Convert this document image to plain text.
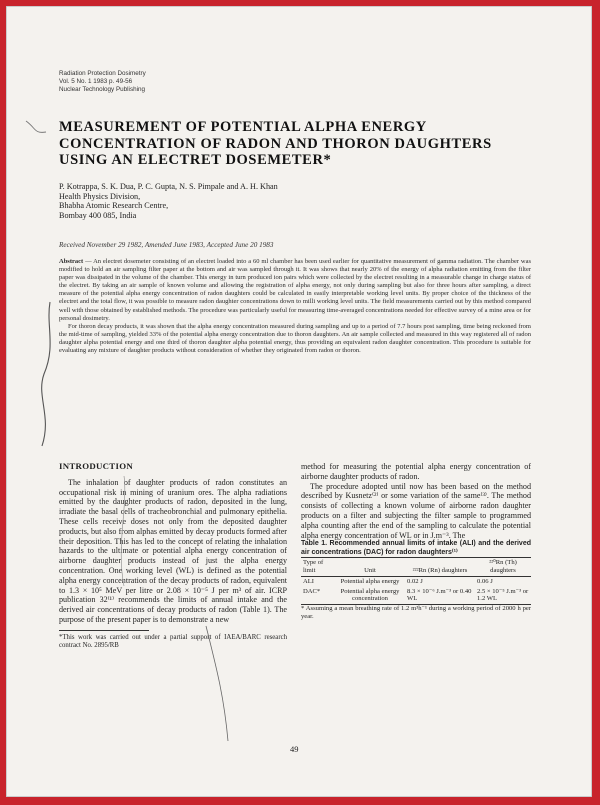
Radiation Protection Dosimetry
Vol. 5 No. 1 1983 p. 49-56
Nuclear Technology Publishing
MEASUREMENT OF POTENTIAL ALPHA ENERGY CONCENTRATION OF RADON AND THORON DAUGHTERS USING AN ELECTRET DOSEMETER*
P. Kotrappa, S. K. Dua, P. C. Gupta, N. S. Pimpale and A. H. Khan
Health Physics Division,
Bhabha Atomic Research Centre,
Bombay 400 085, India
Received November 29 1982, Amended June 1983, Accepted June 20 1983

Abstract — An electret dosemeter consisting of an electret loaded into a 60 ml chamber has been used earlier for quantitative measurement of gamma radiation. The chamber was modified to hold an air sampling filter paper at the bottom and air was sampled through it. It was shows that nearly 20% of the energy of alpha radiation emitting from the filter paper was dissipated in the volume of the chamber. This energy in turn produced ion pairs which were collected by the electret resulting in a measurable change in charge status of the electret. By taking an air sample of known volume and allowing the registration of alpha energy, not only during sampling but also for three hours after sampling, a direct measure of the potential alpha energy concentration of radon daughters could be calculated in easily interpretable working level units. By proper choice of the thickness of the electret and the total flow, it was possible to measure radon daughter concentrations down to milli working level units. The field measurements carried out by this method compared well with those obtained by established methods. The procedure was particularly useful for measuring time-averaged concentrations needed for effective survey of a mine area or for personal dosimetry.

For thoron decay products, it was shown that the alpha energy concentration measured during sampling and up to a period of 7.7 hours post sampling, time being reckoned from the mid-time of sampling, yielded 33% of the potential alpha energy concentration due to thoron daughters. An air sample collected and measured in this way registered all of radon daughter alpha potential energy and one third of thoron daughter alpha potential energy, thus providing an equivalent radon daughter concentration. This procedure is suitable for evaluating any mixture of daughter products without consideration of whether they originated from radon or thoron.

INTRODUCTION

The inhalation of daughter products of radon constitutes an occupational risk in mining of uranium ores. The alpha radiations emitted by the daughter products of radon, deposited in the lung, irradiate the basal cells of tracheobronchial and pulmonary epithelia. These cells receive doses not only from the deposited daughter products, but also from alphas emitted by decay products formed after their deposition. This has led to the concept of relating the inhalation hazards to the ultimate or potential alpha energy concentration of airborne daughter products instead of just the alpha energy concentration. One working level (WL) is defined as the potential alpha energy concentration of the decay products of radon, equivalent to 1.3 × 10⁵ MeV per litre or 2.08 × 10⁻⁵ J per m³ of air. ICRP publication 32⁽¹⁾ recommends the limits of annual intake and the derived air concentrations of decay products of radon (Table 1). The purpose of the present paper is to demonstrate a new

*This work was carried out under a partial support of IAEA/BARC research contract No. 2895/RB

method for measuring the potential alpha energy concentration of airborne daughter products of radon.

The procedure adopted until now has been based on the method described by Kusnetz⁽²⁾ or some variation of the same⁽³⁾. The method consists of collecting a known volume of airborne radon daughter products on a filter and subjecting the filter sample to programmed alpha counting after the end of the sampling to calculate the potential alpha energy concentration of WL or in J.m⁻³. The

Table 1. Recommended annual limits of intake (ALI) and the derived air concentrations (DAC) for radon daughters⁽¹⁾

Type of limit	Unit	²²²Rn (Rn) daughters	²²⁰Rn (Th) daughters
ALI	Potential alpha energy	0.02 J	0.06 J
DAC*	Potential alpha energy concentration	8.3 × 10⁻⁶ J.m⁻³ or 0.40 WL	2.5 × 10⁻⁵ J.m⁻³ or 1.2 WL

* Assuming a mean breathing rate of 1.2 m³h⁻¹ during a working period of 2000 h per year.

49
